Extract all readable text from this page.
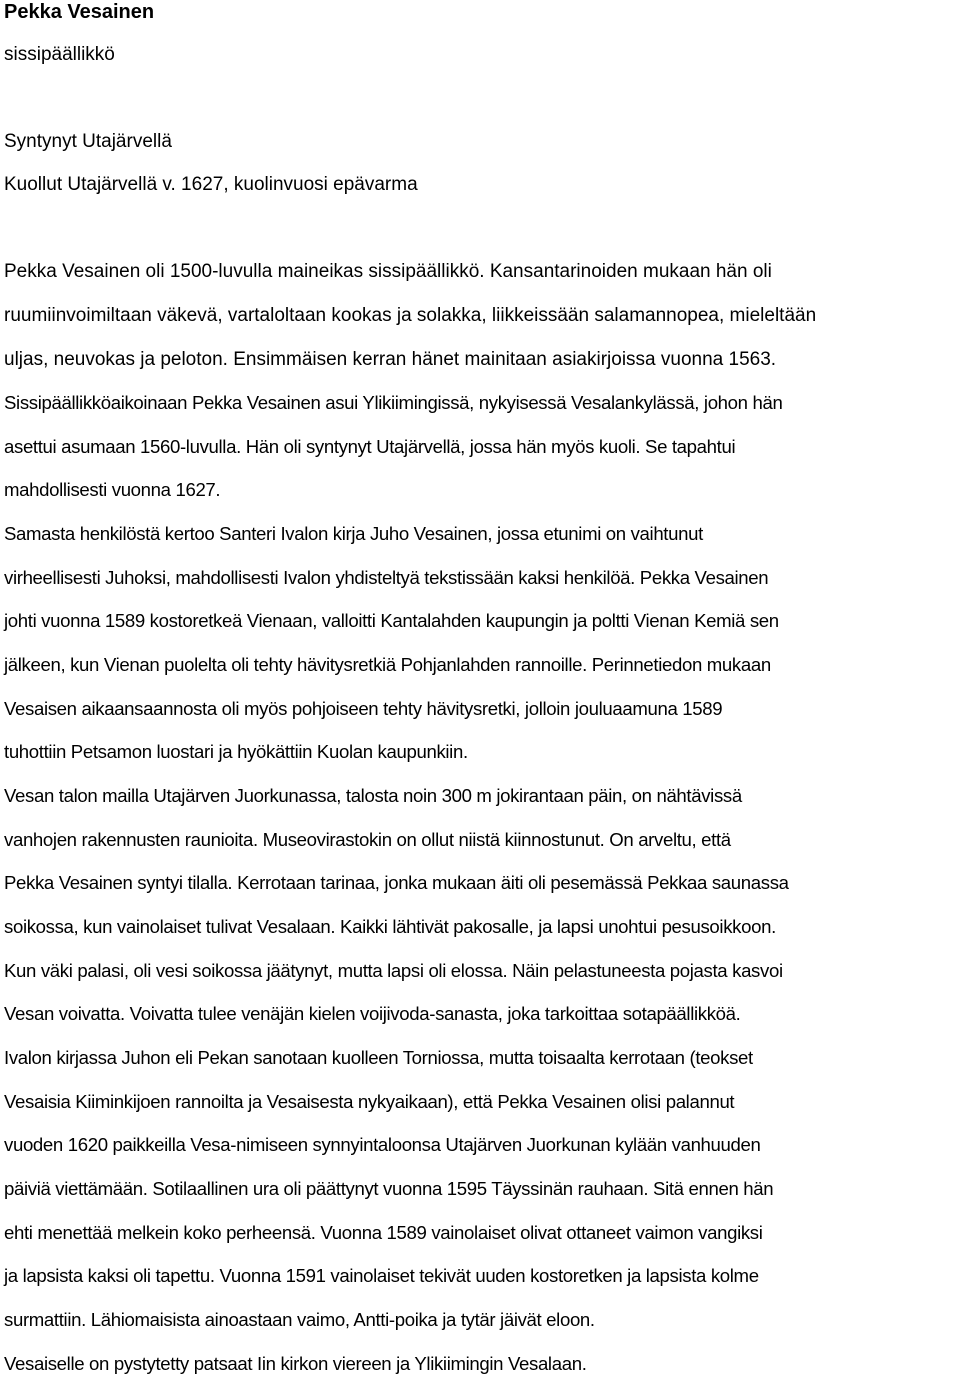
Pekka Vesainen
sissipäällikkö
Syntynyt Utajärvellä
Kuollut Utajärvellä v. 1627, kuolinvuosi epävarma
Pekka Vesainen oli 1500-luvulla maineikas sissipäällikkö. Kansantarinoiden mukaan hän oli
ruumiinvoimiltaan väkevä, vartaloltaan kookas ja solakka, liikkeissään salamannopea, mieleltään
uljas, neuvokas ja peloton. Ensimmäisen kerran hänet mainitaan asiakirjoissa vuonna 1563.
Sissipäällikköaikoinaan Pekka Vesainen asui Ylikiimingissä, nykyisessä Vesalankylässä, johon hän
asettui asumaan 1560-luvulla. Hän oli syntynyt Utajärvellä, jossa hän myös kuoli. Se tapahtui
mahdollisesti vuonna 1627.
Samasta henkilöstä kertoo Santeri Ivalon kirja Juho Vesainen, jossa etunimi on vaihtunut
virheellisesti Juhoksi, mahdollisesti Ivalon yhdisteltyä tekstissään kaksi henkilöä. Pekka Vesainen
johti vuonna 1589 kostoretkeä Vienaan, valloitti Kantalahden kaupungin ja poltti Vienan Kemiä sen
jälkeen, kun Vienan puolelta oli tehty hävitysretkiä Pohjanlahden rannoille. Perinnetiedon mukaan
Vesaisen aikaansaannosta oli myös pohjoiseen tehty hävitysretki, jolloin jouluaamuna 1589
tuhottiin Petsamon luostari ja hyökättiin Kuolan kaupunkiin.
Vesan talon mailla Utajärven Juorkunassa, talosta noin 300 m jokirantaan päin, on nähtävissä
vanhojen rakennusten raunioita. Museovirastokin on ollut niistä kiinnostunut. On arveltu, että
Pekka Vesainen syntyi tilalla. Kerrotaan tarinaa, jonka mukaan äiti oli pesemässä Pekkaa saunassa
soikossa, kun vainolaiset tulivat Vesalaan. Kaikki lähtivät pakosalle, ja lapsi unohtui pesusoikkoon.
Kun väki palasi, oli vesi soikossa jäätynyt, mutta lapsi oli elossa. Näin pelastuneesta pojasta kasvoi
Vesan voivatta. Voivatta tulee venäjän kielen voijivoda-sanasta, joka tarkoittaa sotapäällikköä.
Ivalon kirjassa Juhon eli Pekan sanotaan kuolleen Torniossa, mutta toisaalta kerrotaan (teokset
Vesaisia Kiiminkijoen rannoilta ja Vesaisesta nykyaikaan), että Pekka Vesainen olisi palannut
vuoden 1620 paikkeilla Vesa-nimiseen synnyintaloonsa Utajärven Juorkunan kylään vanhuuden
päiviä viettämään. Sotilaallinen ura oli päättynyt vuonna 1595 Täyssinän rauhaan. Sitä ennen hän
ehti menettää melkein koko perheensä. Vuonna 1589 vainolaiset olivat ottaneet vaimon vangiksi
ja lapsista kaksi oli tapettu. Vuonna 1591 vainolaiset tekivät uuden kostoretken ja lapsista kolme
surmattiin. Lähiomaisista ainoastaan vaimo, Antti-poika ja tytär jäivät eloon.
Vesaiselle on pystytetty patsaat Iin kirkon viereen ja Ylikiimingin Vesalaan.
